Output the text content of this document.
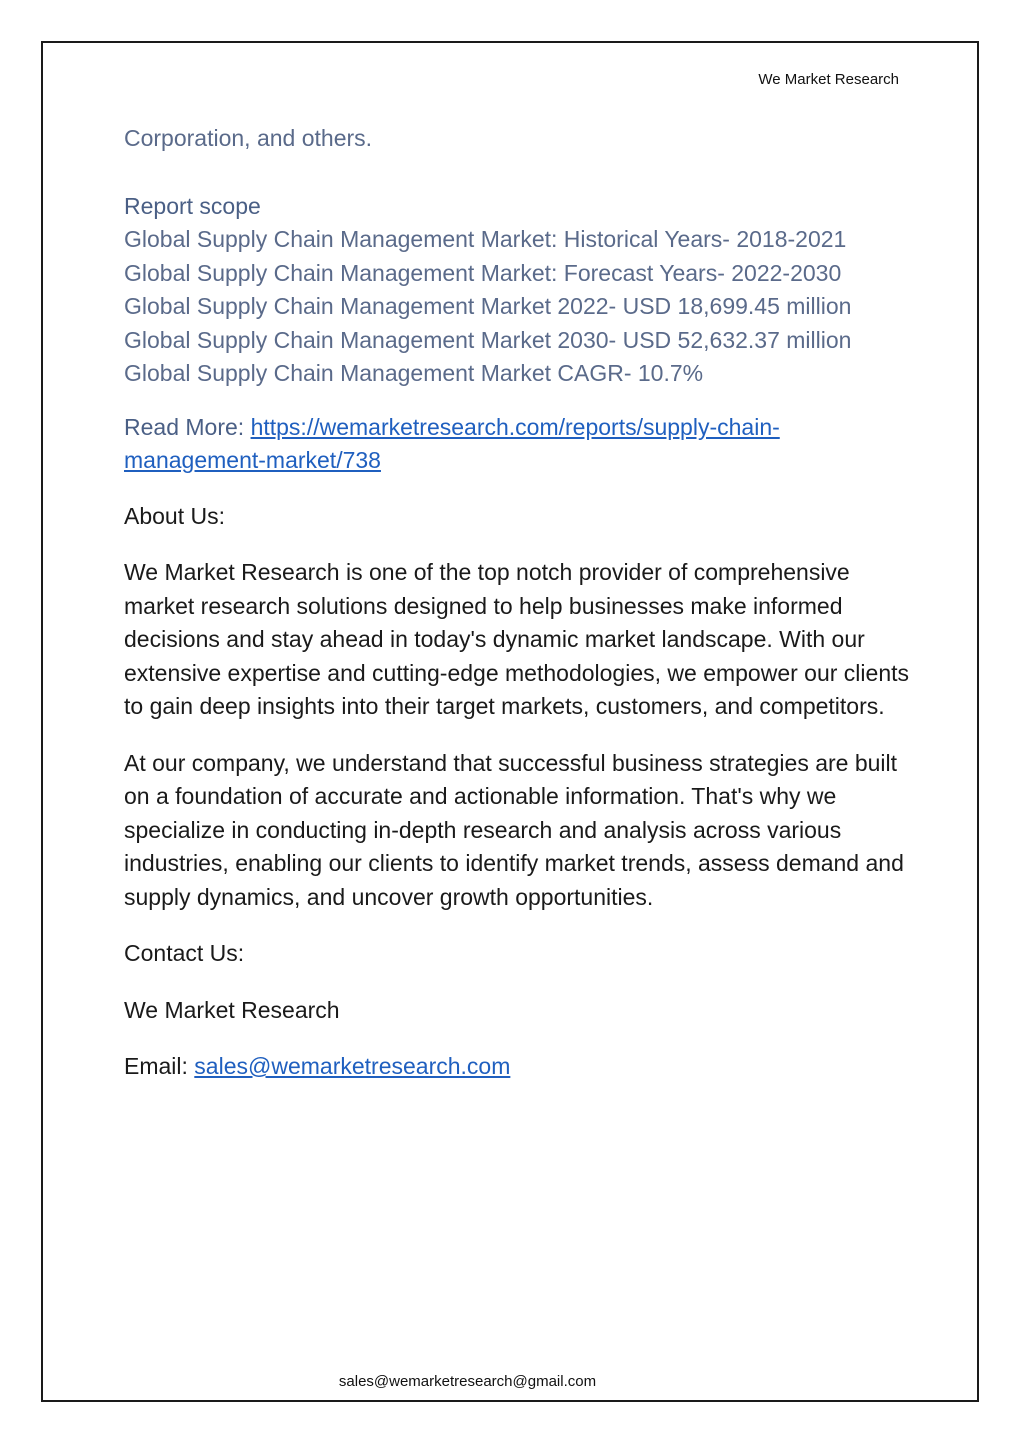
We Market Research

Corporation, and others.

Report scope

Global Supply Chain Management Market: Historical Years- 2018-2021

Global Supply Chain Management Market: Forecast Years- 2022-2030

Global Supply Chain Management Market 2022- USD 18,699.45 million

Global Supply Chain Management Market 2030- USD 52,632.37 million

Global Supply Chain Management Market CAGR- 10.7%

Read More: https://wemarketresearch.com/reports/supply-chain-management-market/738

About Us:

We Market Research is one of the top notch provider of comprehensive market research solutions designed to help businesses make informed decisions and stay ahead in today's dynamic market landscape. With our extensive expertise and cutting-edge methodologies, we empower our clients to gain deep insights into their target markets, customers, and competitors.

At our company, we understand that successful business strategies are built on a foundation of accurate and actionable information. That's why we specialize in conducting in-depth research and analysis across various industries, enabling our clients to identify market trends, assess demand and supply dynamics, and uncover growth opportunities.

Contact Us:

We Market Research

Email: sales@wemarketresearch.com

sales@wemarketresearch@gmail.com
